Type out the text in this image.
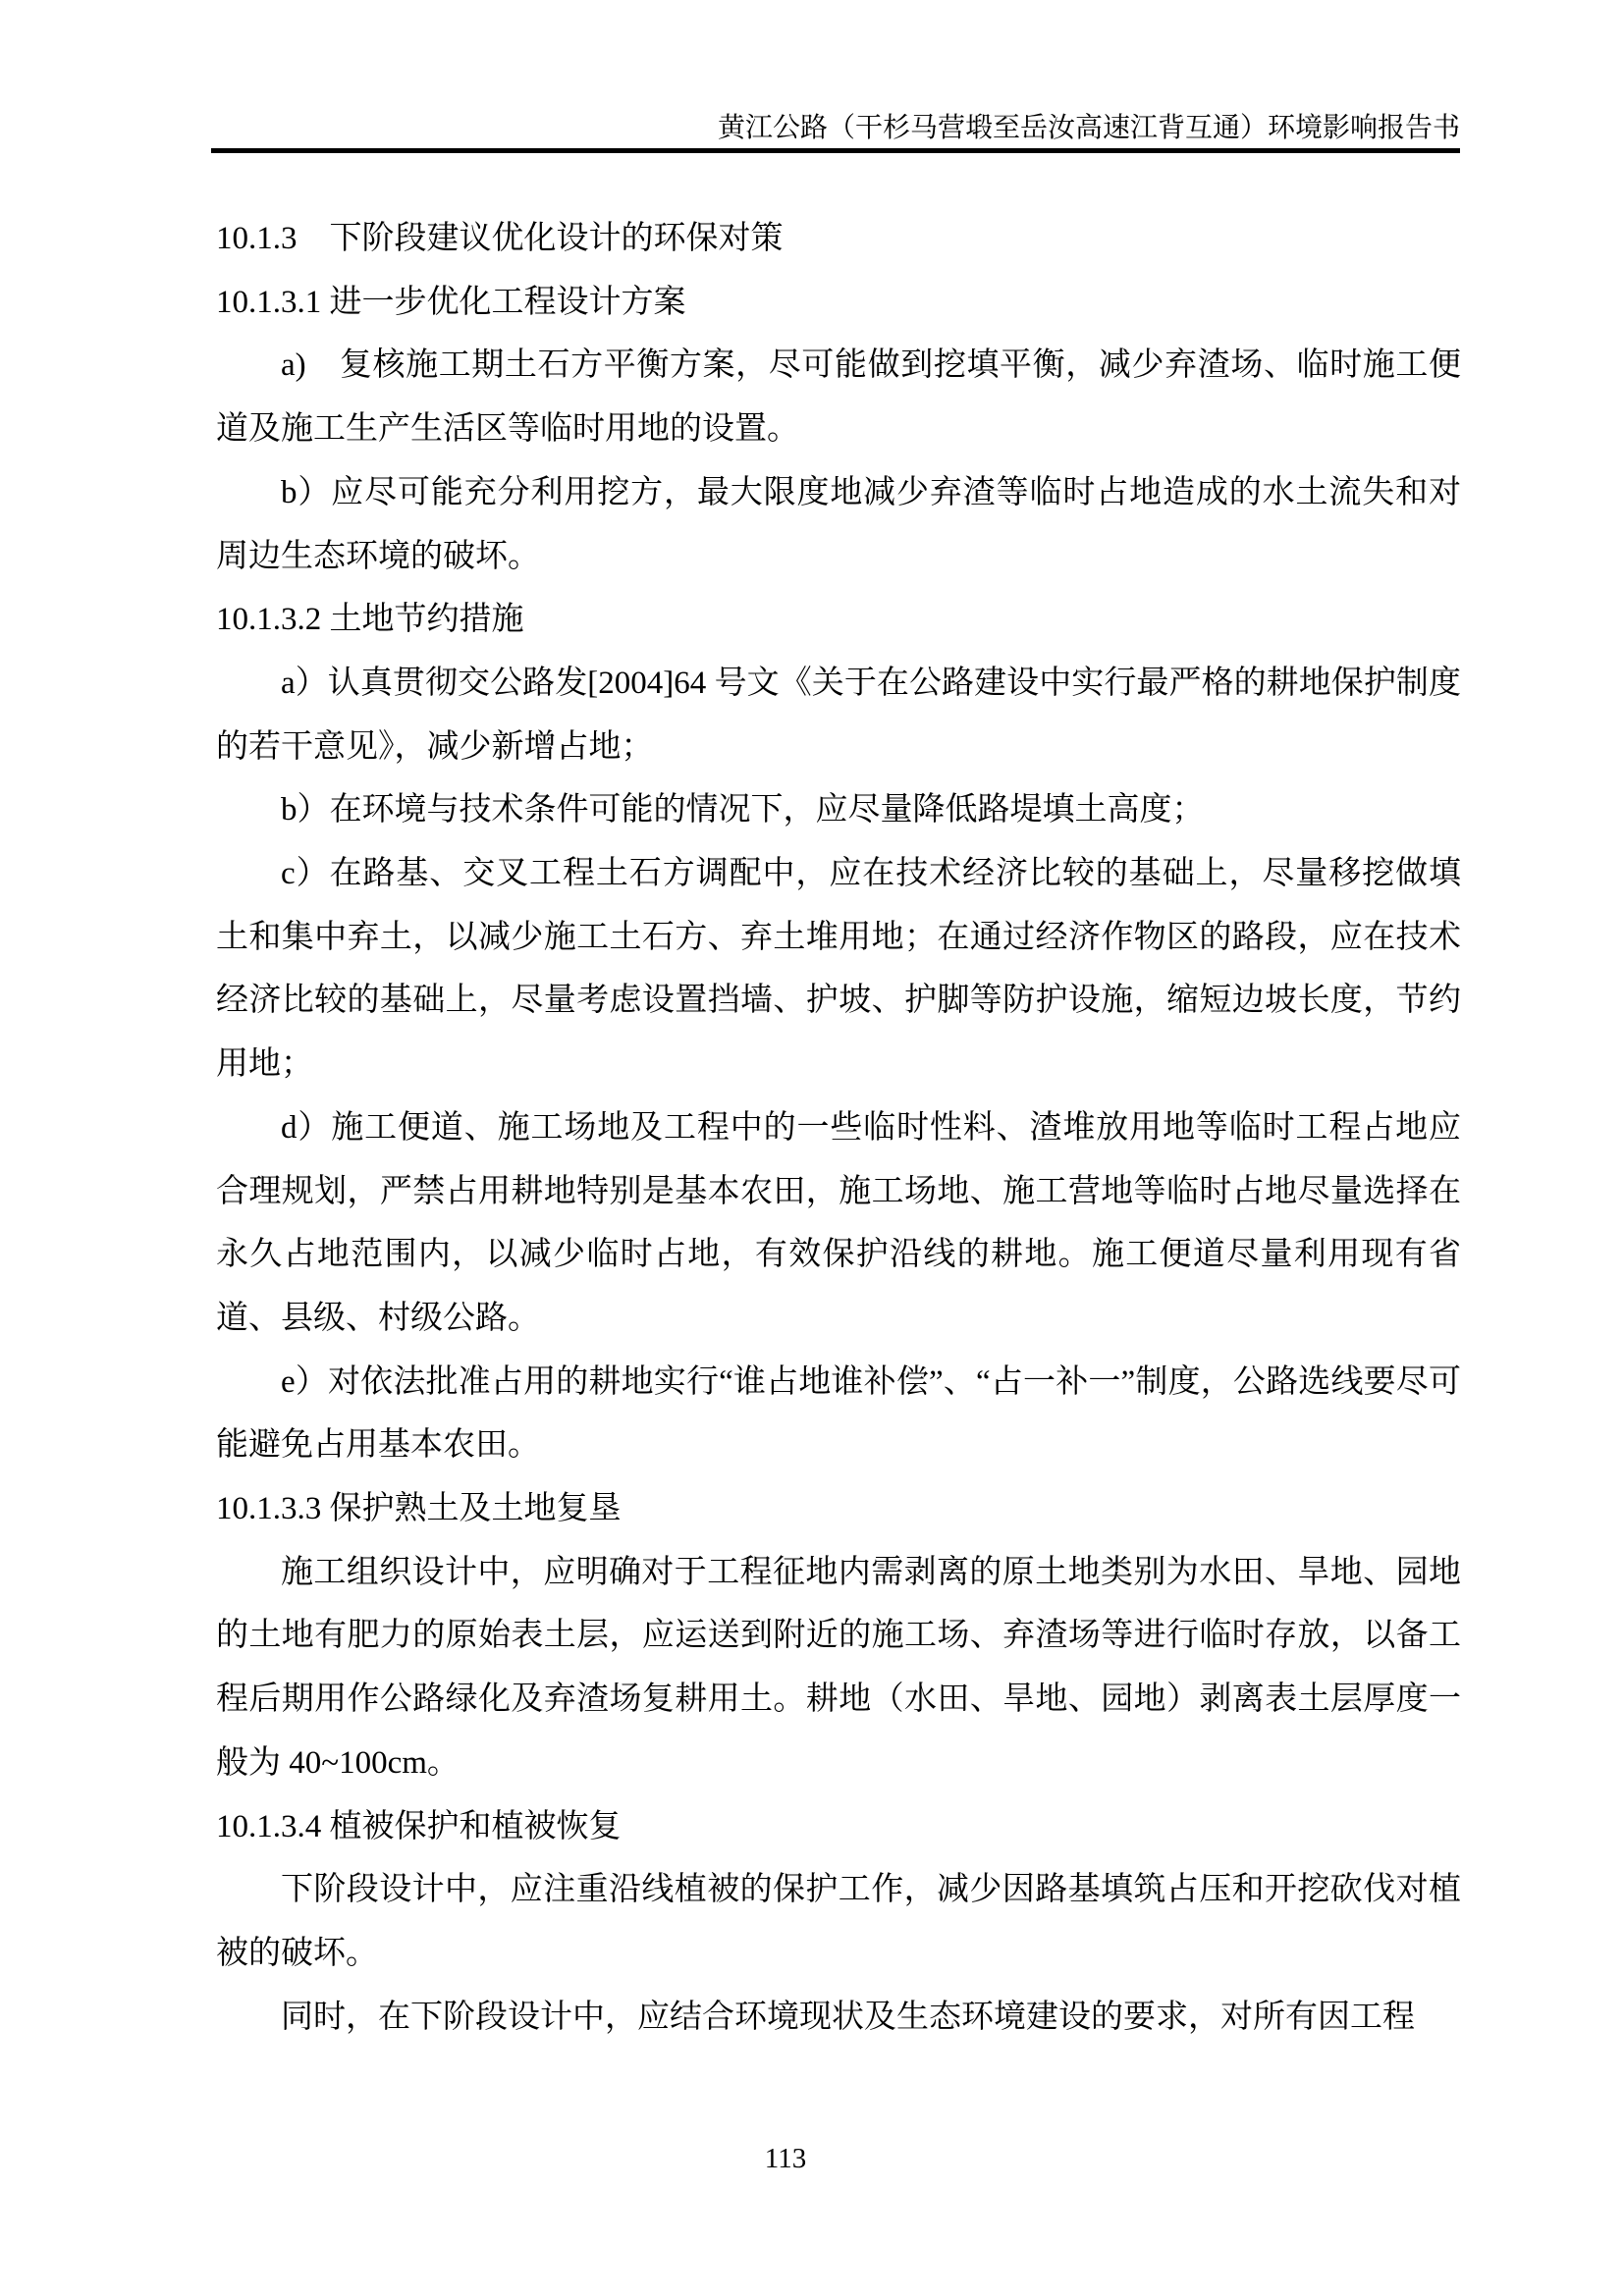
黄江公路（干杉马营塅至岳汝高速江背互通）环境影响报告书
10.1.3　下阶段建议优化设计的环保对策
10.1.3.1 进一步优化工程设计方案
a)　复核施工期土石方平衡方案，尽可能做到挖填平衡，减少弃渣场、临时施工便道及施工生产生活区等临时用地的设置。
b）应尽可能充分利用挖方，最大限度地减少弃渣等临时占地造成的水土流失和对周边生态环境的破坏。
10.1.3.2 土地节约措施
a）认真贯彻交公路发[2004]64 号文《关于在公路建设中实行最严格的耕地保护制度的若干意见》，减少新增占地；
b）在环境与技术条件可能的情况下，应尽量降低路堤填土高度；
c）在路基、交叉工程土石方调配中，应在技术经济比较的基础上，尽量移挖做填土和集中弃土，以减少施工土石方、弃土堆用地；在通过经济作物区的路段，应在技术经济比较的基础上，尽量考虑设置挡墙、护坡、护脚等防护设施，缩短边坡长度，节约用地；
d）施工便道、施工场地及工程中的一些临时性料、渣堆放用地等临时工程占地应合理规划，严禁占用耕地特别是基本农田，施工场地、施工营地等临时占地尽量选择在永久占地范围内，以减少临时占地，有效保护沿线的耕地。施工便道尽量利用现有省道、县级、村级公路。
e）对依法批准占用的耕地实行“谁占地谁补偿”、“占一补一”制度，公路选线要尽可能避免占用基本农田。
10.1.3.3 保护熟土及土地复垦
施工组织设计中，应明确对于工程征地内需剥离的原土地类别为水田、旱地、园地的土地有肥力的原始表土层，应运送到附近的施工场、弃渣场等进行临时存放，以备工程后期用作公路绿化及弃渣场复耕用土。耕地（水田、旱地、园地）剥离表土层厚度一般为 40~100cm。
10.1.3.4 植被保护和植被恢复
下阶段设计中，应注重沿线植被的保护工作，减少因路基填筑占压和开挖砍伐对植被的破坏。
同时，在下阶段设计中，应结合环境现状及生态环境建设的要求，对所有因工程
113
